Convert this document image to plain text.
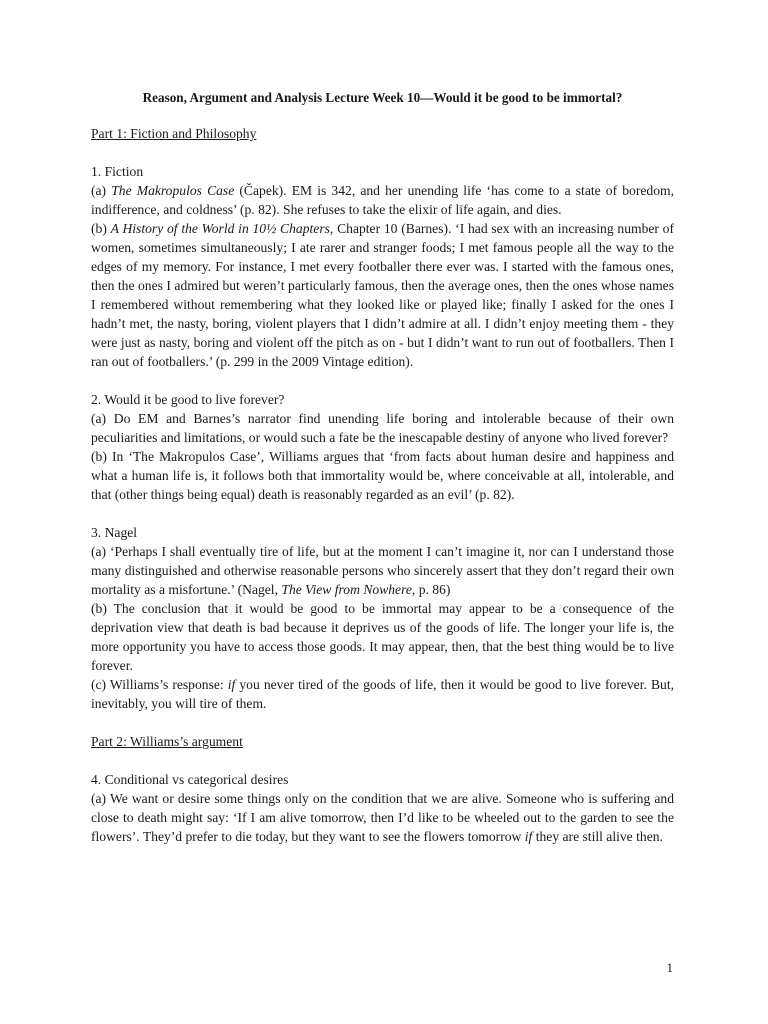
Reason, Argument and Analysis Lecture Week 10—Would it be good to be immortal?

Part 1: Fiction and Philosophy

1. Fiction

(a) The Makropulos Case (Čapek). EM is 342, and her unending life ‘has come to a state of boredom, indifference, and coldness’ (p. 82). She refuses to take the elixir of life again, and dies.

(b) A History of the World in 10½ Chapters, Chapter 10 (Barnes). ‘I had sex with an increasing number of women, sometimes simultaneously; I ate rarer and stranger foods; I met famous people all the way to the edges of my memory. For instance, I met every footballer there ever was. I started with the famous ones, then the ones I admired but weren’t particularly famous, then the average ones, then the ones whose names I remembered without remembering what they looked like or played like; finally I asked for the ones I hadn’t met, the nasty, boring, violent players that I didn’t admire at all. I didn’t enjoy meeting them - they were just as nasty, boring and violent off the pitch as on - but I didn’t want to run out of footballers. Then I ran out of footballers.’ (p. 299 in the 2009 Vintage edition).

2. Would it be good to live forever?

(a) Do EM and Barnes’s narrator find unending life boring and intolerable because of their own peculiarities and limitations, or would such a fate be the inescapable destiny of anyone who lived forever?

(b) In ‘The Makropulos Case’, Williams argues that ‘from facts about human desire and happiness and what a human life is, it follows both that immortality would be, where conceivable at all, intolerable, and that (other things being equal) death is reasonably regarded as an evil’ (p. 82).

3. Nagel

(a) ‘Perhaps I shall eventually tire of life, but at the moment I can’t imagine it, nor can I understand those many distinguished and otherwise reasonable persons who sincerely assert that they don’t regard their own mortality as a misfortune.’ (Nagel, The View from Nowhere, p. 86)

(b) The conclusion that it would be good to be immortal may appear to be a consequence of the deprivation view that death is bad because it deprives us of the goods of life. The longer your life is, the more opportunity you have to access those goods. It may appear, then, that the best thing would be to live forever.

(c) Williams’s response: if you never tired of the goods of life, then it would be good to live forever. But, inevitably, you will tire of them.

Part 2: Williams’s argument

4. Conditional vs categorical desires

(a) We want or desire some things only on the condition that we are alive. Someone who is suffering and close to death might say: ‘If I am alive tomorrow, then I’d like to be wheeled out to the garden to see the flowers’. They’d prefer to die today, but they want to see the flowers tomorrow if they are still alive then.

1
